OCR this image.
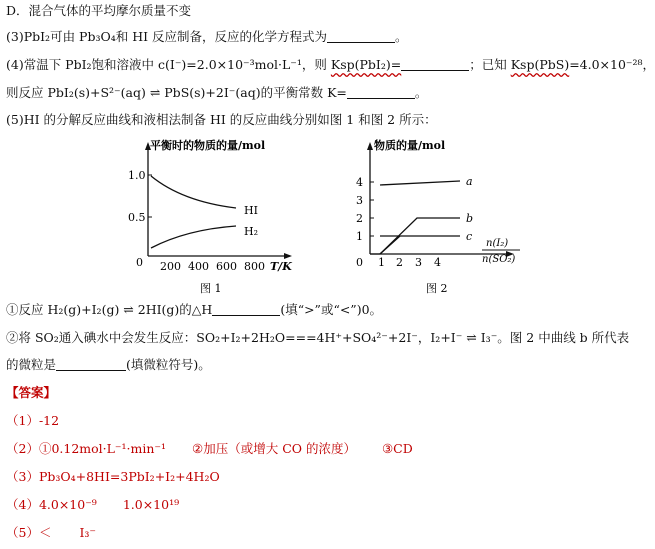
D．混合气体的平均摩尔质量不变
(3)PbI₂可由 Pb₃O₄和 HI 反应制备，反应的化学方程式为	。
(4)常温下 PbI₂饱和溶液中 c(I⁻)=2.0×10⁻³mol·L⁻¹，则 Ksp(PbI₂)=	；已知 Ksp(PbS)=4.0×10⁻²⁸，
则反应 PbI₂(s)+S²⁻(aq) ⇌ PbS(s)+2I⁻(aq)的平衡常数 K=	。
(5)HI 的分解反应曲线和液相法制备 HI 的反应曲线分别如图 1 和图 2 所示：
平衡时的物质的量/mol
1.0
0.5
0 200 400 600 800 T/K
HI
H₂
图 1
物质的量/mol
4
3
2
1
0 1 2 3 4
a
b
c
n(I₂)
n(SO₂)
图 2
①反应 H₂(g)+I₂(g) ⇌ 2HI(g)的△H	(填“>”或“<”)0。
②将 SO₂通入碘水中会发生反应：SO₂+I₂+2H₂O===4H⁺+SO₄²⁻+2I⁻，I₂+I⁻ ⇌ I₃⁻。图 2 中曲线 b 所代表
的微粒是	(填微粒符号)。
【答案】
（1）-12
（2）①0.12mol·L⁻¹·min⁻¹ ②加压（或增大 CO 的浓度） ③CD
（3）Pb₃O₄+8HI=3PbI₂+I₂+4H₂O
（4）4.0×10⁻⁹ 1.0×10¹⁹
（5）＜ I₃⁻
